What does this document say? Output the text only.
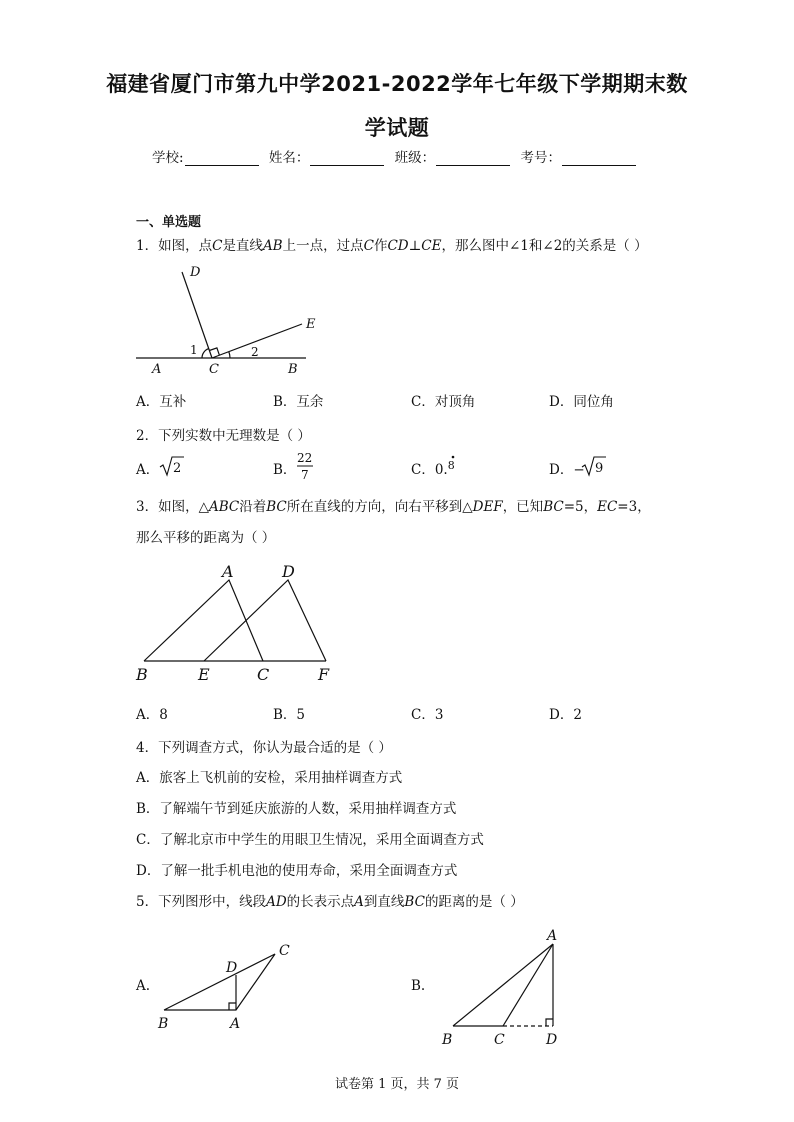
福建省厦门市第九中学2021-2022学年七年级下学期期末数
学试题
学校:	姓名：	班级：	考号：
一、单选题
1．如图，点C是直线AB上一点，过点C作CD⊥CE，那么图中∠1和∠2的关系是（ ）
D
E
A	C	B
1	2
A．互补	B．互余	C．对顶角	D．同位角
2．下列实数中无理数是（ ）
A． 2	B．
22
7	C．0.$^8$	D．− 9
3．如图，△ABC沿着BC所在直线的方向，向右平移到△DEF，已知BC=5，EC=3，
那么平移的距离为（ ）
A	D
B	E	C	F
A．8	B．5	C．3	D．2
4．下列调查方式，你认为最合适的是（ ）
A．旅客上飞机前的安检，采用抽样调查方式
B．了解端午节到延庆旅游的人数，采用抽样调查方式
C．了解北京市中学生的用眼卫生情况，采用全面调查方式
D．了解一批手机电池的使用寿命，采用全面调查方式
5．下列图形中，线段AD的长表示点A到直线BC的距离的是（ ）
A.	B.
C
D
B	A
A
B	C	D
试卷第 1 页，共 7 页
